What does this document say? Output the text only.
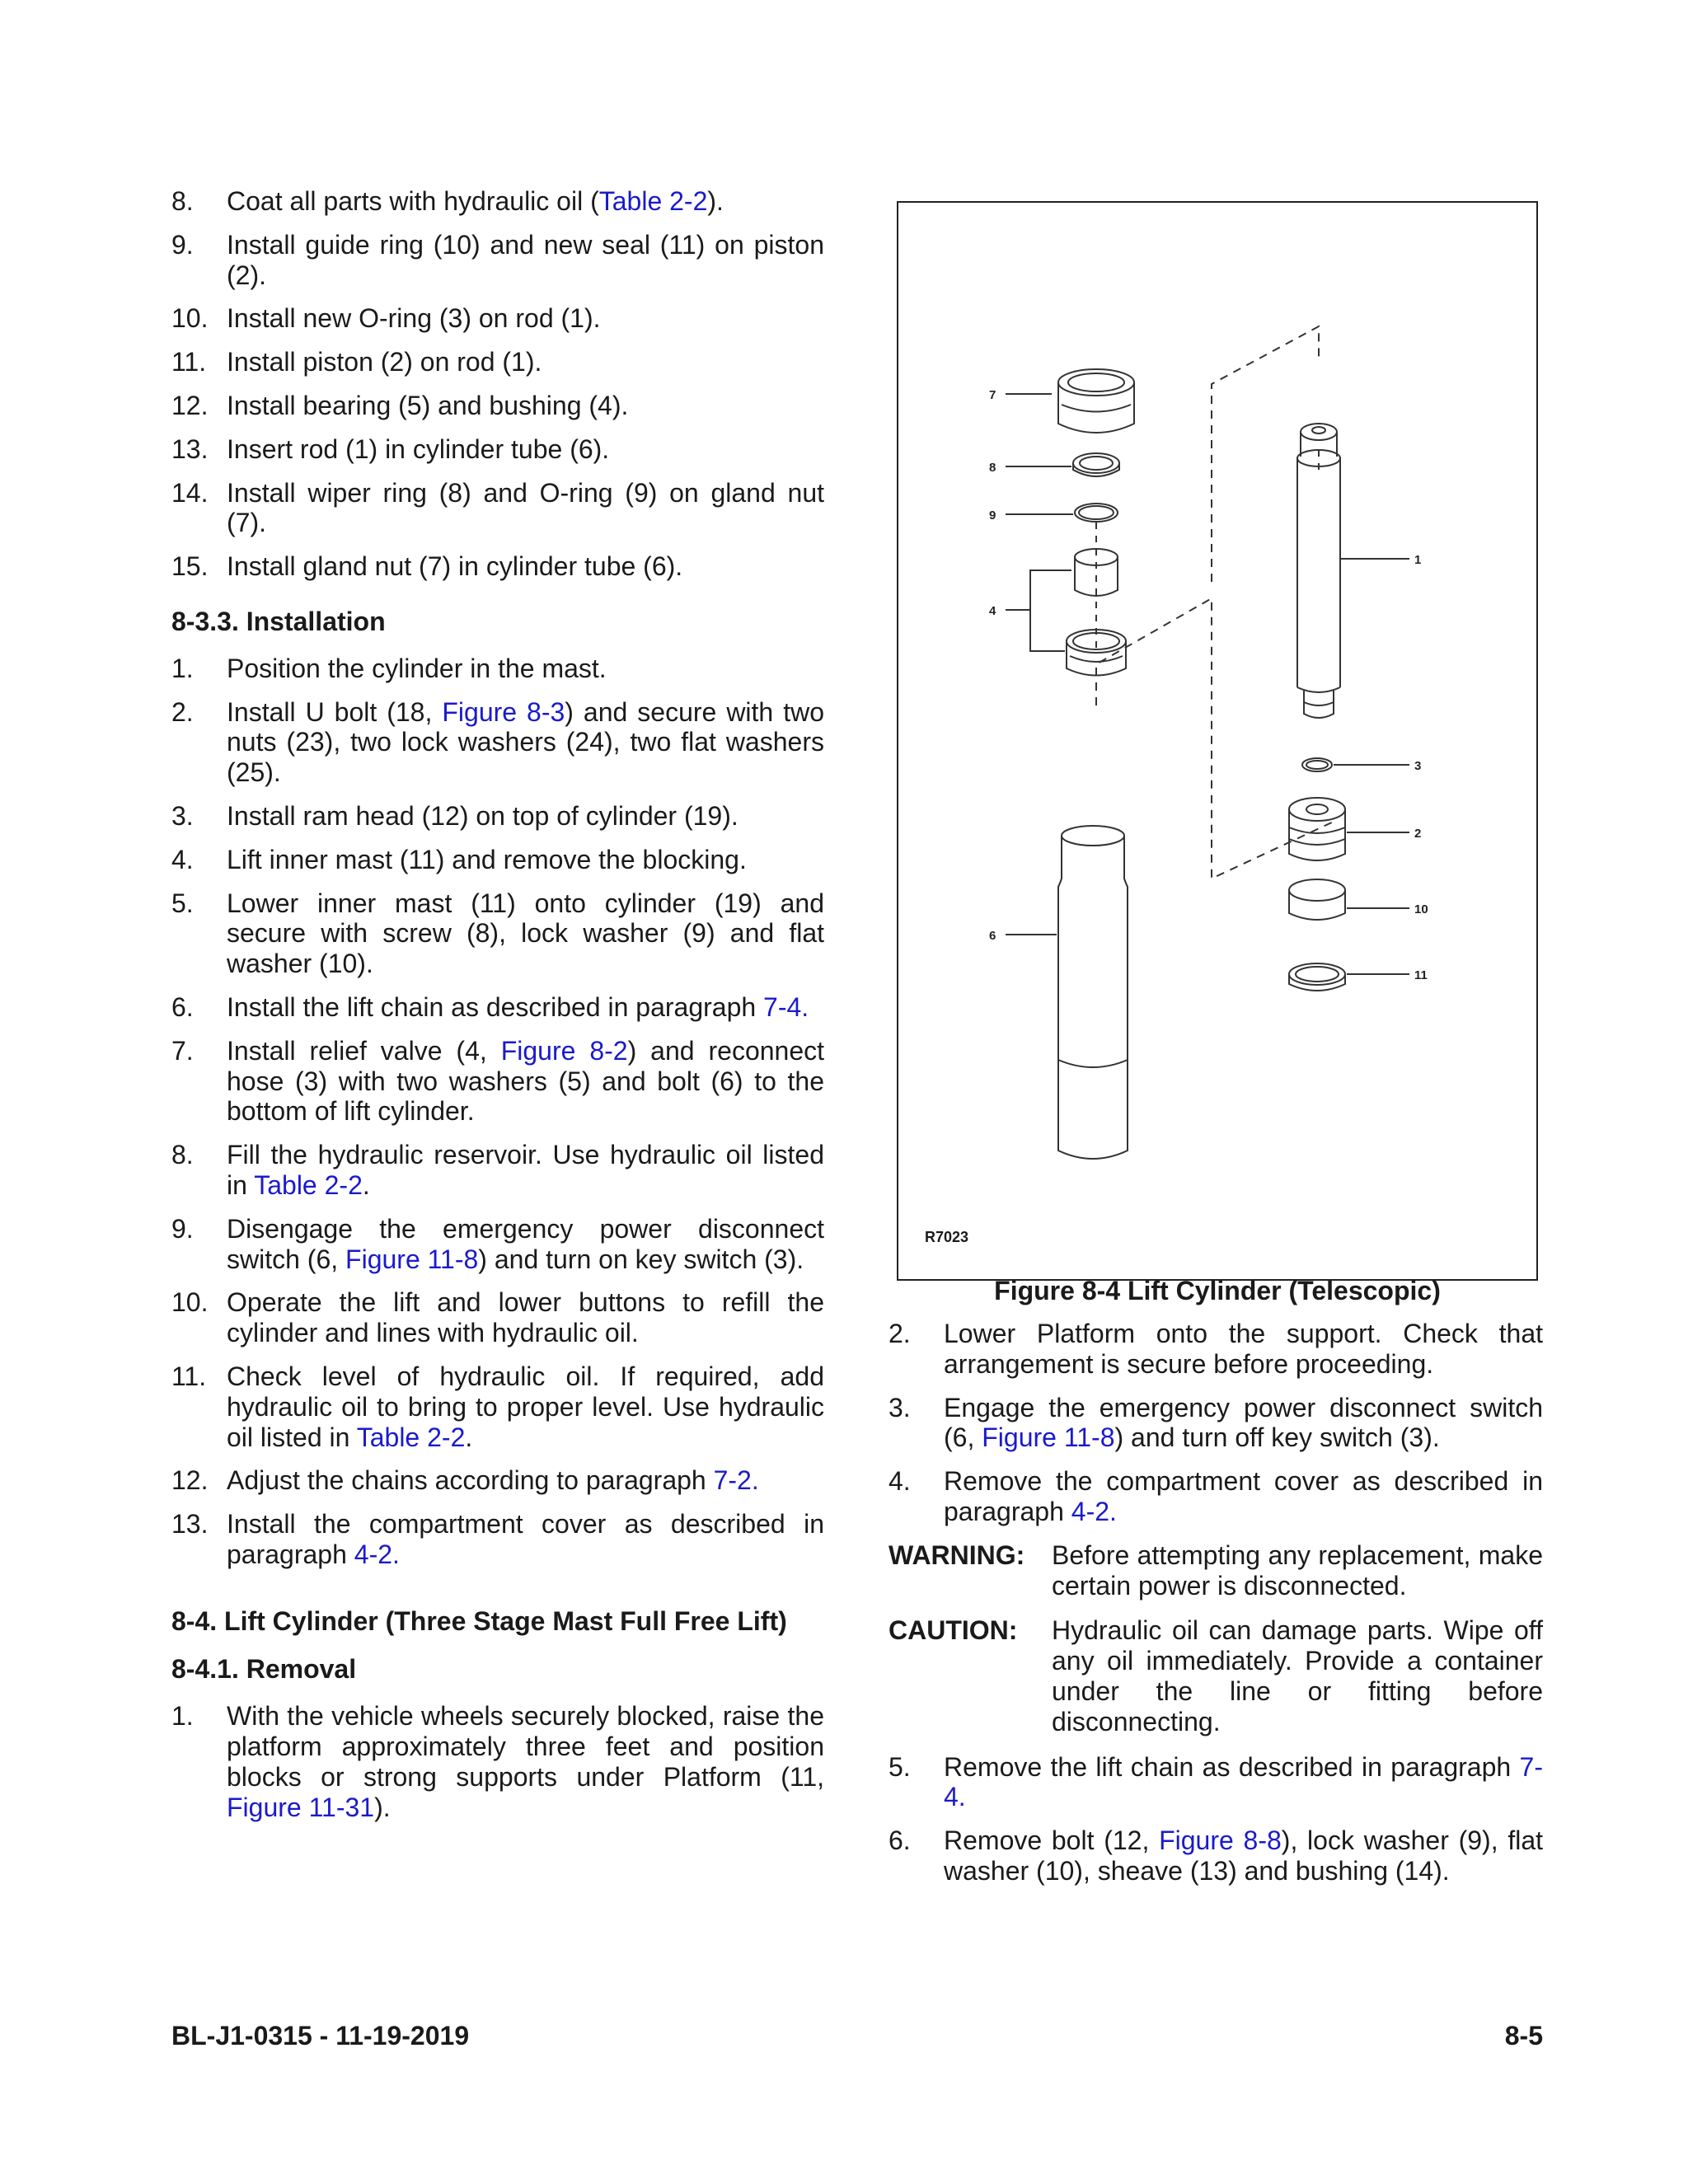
8. Coat all parts with hydraulic oil (Table 2-2).
9. Install guide ring (10) and new seal (11) on piston (2).
10. Install new O-ring (3) on rod (1).
11. Install piston (2) on rod (1).
12. Install bearing (5) and bushing (4).
13. Insert rod (1) in cylinder tube (6).
14. Install wiper ring (8) and O-ring (9) on gland nut (7).
15. Install gland nut (7) in cylinder tube (6).
8-3.3. Installation
1. Position the cylinder in the mast.
2. Install U bolt (18, Figure 8-3) and secure with two nuts (23), two lock washers (24), two flat washers (25).
3. Install ram head (12) on top of cylinder (19).
4. Lift inner mast (11) and remove the blocking.
5. Lower inner mast (11) onto cylinder (19) and secure with screw (8), lock washer (9) and flat washer (10).
6. Install the lift chain as described in paragraph 7-4.
7. Install relief valve (4, Figure 8-2) and reconnect hose (3) with two washers (5) and bolt (6) to the bottom of lift cylinder.
8. Fill the hydraulic reservoir. Use hydraulic oil listed in Table 2-2.
9. Disengage the emergency power disconnect switch (6, Figure 11-8) and turn on key switch (3).
10. Operate the lift and lower buttons to refill the cylinder and lines with hydraulic oil.
11. Check level of hydraulic oil. If required, add hydraulic oil to bring to proper level. Use hydraulic oil listed in Table 2-2.
12. Adjust the chains according to paragraph 7-2.
13. Install the compartment cover as described in paragraph 4-2.
8-4. Lift Cylinder (Three Stage Mast Full Free Lift)
8-4.1. Removal
1. With the vehicle wheels securely blocked, raise the platform approximately three feet and position blocks or strong supports under Platform (11, Figure 11-31).
7
8
9
4
6
1
3
2
10
11
R7023
Figure 8-4 Lift Cylinder (Telescopic)
2. Lower Platform onto the support. Check that arrangement is secure before proceeding.
3. Engage the emergency power disconnect switch (6, Figure 11-8) and turn off key switch (3).
4. Remove the compartment cover as described in paragraph 4-2.
WARNING:	Before attempting any replacement, make certain power is disconnected.
CAUTION:	Hydraulic oil can damage parts. Wipe off any oil immediately. Provide a container under the line or fitting before disconnecting.
5. Remove the lift chain as described in paragraph 7-4.
6. Remove bolt (12, Figure 8-8), lock washer (9), flat washer (10), sheave (13) and bushing (14).
BL-J1-0315 - 11-19-2019	8-5
